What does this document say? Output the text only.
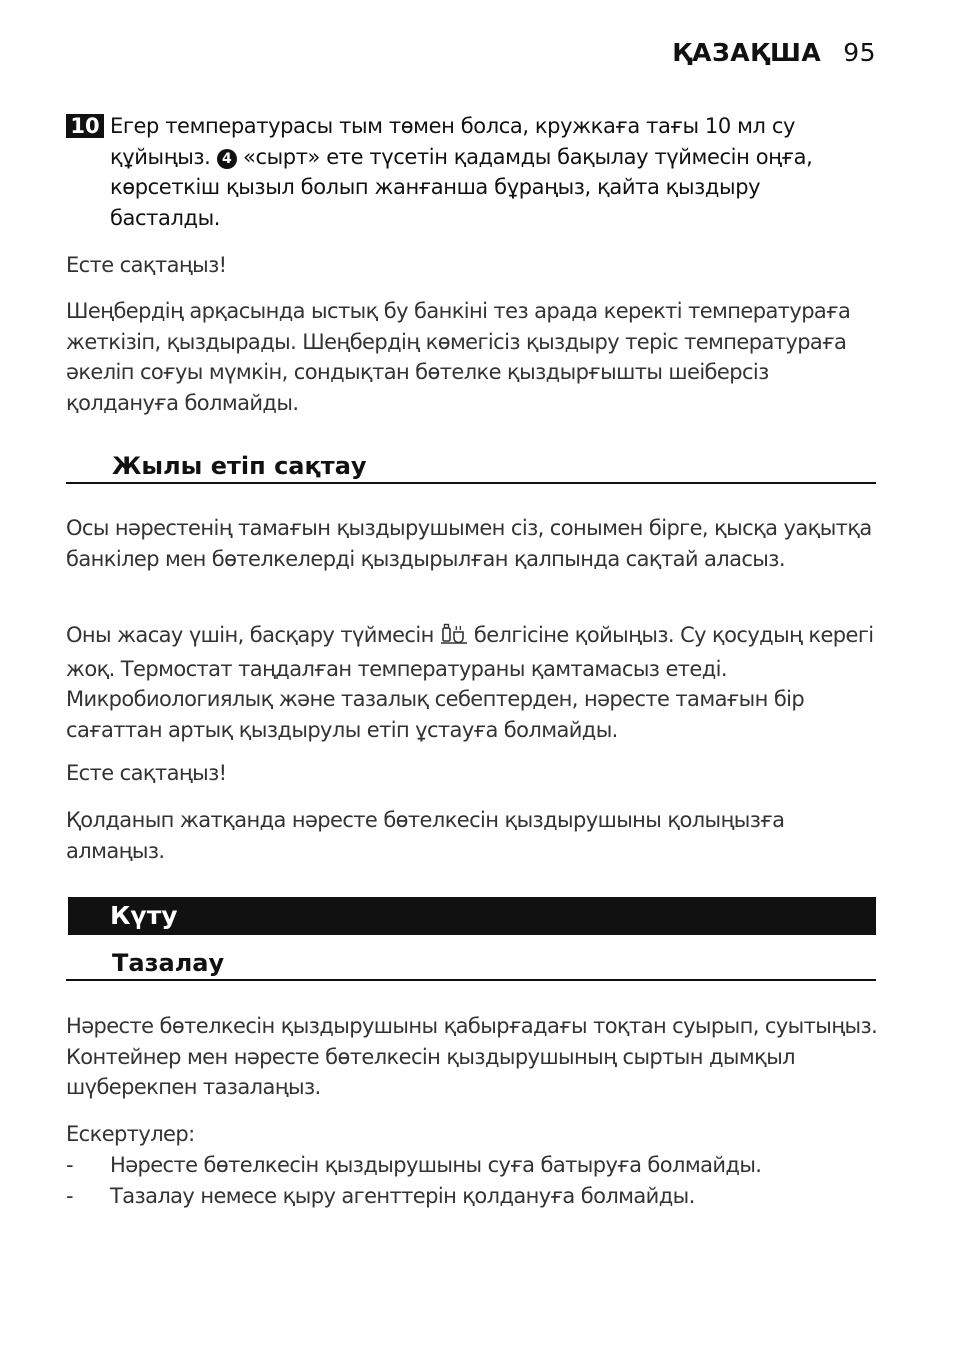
ҚАЗАҚША 95
10 Егер температурасы тым төмен болса, кружкаға тағы 10 мл су құйыңыз. 4 «сырт» ете түсетін қадамды бақылау түймесін оңға, көрсеткіш қызыл болып жанғанша бұраңыз, қайта қыздыру басталды.

Есте сақтаңыз!

Шеңбердің арқасында ыстық бу банкіні тез арада керекті температураға жеткізіп, қыздырады. Шеңбердің көмегісіз қыздыру теріс температураға әкеліп соғуы мүмкін, сондықтан бөтелке қыздырғышты шеіберсіз қолдануға болмайды.

Жылы етіп сақтау

Осы нәрестенің тамағын қыздырушымен сіз, сонымен бірге, қысқа уақытқа банкілер мен бөтелкелерді қыздырылған қалпында сақтай аласыз.

Оны жасау үшін, басқару түймесін белгісіне қойыңыз. Су қосудың керегі жоқ. Термостат таңдалған температураны қамтамасыз етеді. Микробиологиялық және тазалық себептерден, нәресте тамағын бір сағаттан артық қыздырулы етіп ұстауға болмайды.

Есте сақтаңыз!

Қолданып жатқанда нәресте бөтелкесін қыздырушыны қолыңызға алмаңыз.

Күту
Тазалау

Нәресте бөтелкесін қыздырушыны қабырғадағы тоқтан суырып, суытыңыз. Контейнер мен нәресте бөтелкесін қыздырушының сыртын дымқыл шүберекпен тазалаңыз.

Ескертулер:

- Нәресте бөтелкесін қыздырушыны суға батыруға болмайды.
- Тазалау немесе қыру агенттерін қолдануға болмайды.
